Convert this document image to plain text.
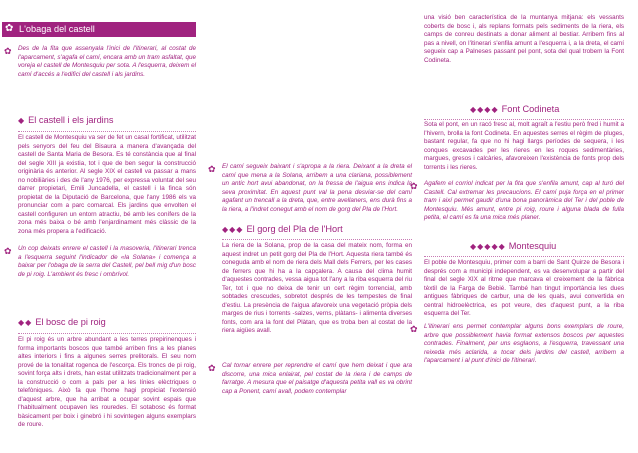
✿ L'obaga del castell
✿ Des de la fita que assenyala l'inici de l'itinerari, al costat de l'aparcament, s'agafa el camí, encara amb un tram asfaltat, que voreja el castell de Montesquiu per sota. A l'esquerra, deixem el camí d'accés a l'edifici del castell i als jardins.

◆ El castell i els jardins

El castell de Montesquiu va ser de fet un casal fortificat, utilitzat pels senyors del feu del Bisaura a manera d'avançada del castell de Santa Maria de Besora. Es té constància que al final del segle XIII ja existia, tot i que de ben segur la construcció originària és anterior. Al segle XIX el castell va passar a mans no nobiliàries i des de l'any 1976, per expressa voluntat del seu darrer propietari, Emili Juncadella, el castell i la finca són propietat de la Diputació de Barcelona, que l'any 1986 els va pronunciar com a parc comarcal. Els jardins que envolten el castell configuren un entorn atractiu, bé amb les conífers de la zona més baixa o bé amb l'enjardinament més clàssic de la zona més propera a l'edificació.

✿ Un cop deixats enrere el castell i la masoveria, l'itinerari trenca a l'esquerra seguint l'indicador de «la Solana» i comença a baixar per l'obaga de la serra del Castell, pel bell mig d'un bosc de pi roig. L'ambient és fresc i ombrívol.

◆◆ El bosc de pi roig

El pi roig és un arbre abundant a les terres prepirinenques i forma importants boscos que també arriben fins a les planes altes interiors i fins a algunes serres prelitorals. El seu nom prové de la tonalitat rogenca de l'escorça. Els troncs de pi roig, sovint força alts i drets, han estat utilitzats tradicionalment per a la construcció o com a pals per a les línies elèctriques o telefòniques. Això fa que l'home hagi propiciat l'extensió d'aquest arbre, que ha arribat a ocupar sovint espais que l'habitualment ocupaven les rouredes. El sotabosc és format bàsicament per boix i ginebró i hi sovintegen alguns exemplars de roure.

✿ El camí segueix baixant i s'apropa a la riera. Deixant a la dreta el camí que mena a la Solana, arribem a una clariana, possiblement un antic hort avui abandonat, on la fressa de l'aigua ens indica la seva proximitat. En aquest punt val la pena desviar-se del camí agafant un trencall a la dreta, que, entre avellaners, ens durà fins a la riera, a l'indret conegut amb el nom de gorg del Pla de l'Hort.

◆◆◆ El gorg del Pla de l'Hort

La riera de la Solana, prop de la casa del mateix nom, forma en aquest indret un petit gorg del Pla de l'Hort. Aquesta riera també és coneguda amb el nom de riera dels Mall dels Ferrers, per les cases de ferrers que hi ha a la capçalera. A causa del clima humit d'aquestes contrades, vessa aigua tot l'any a la riba esquerra del riu Ter, tot i que no deixa de tenir un cert règim torrencial, amb sobtades crescudes, sobretot després de les tempestes de final d'estiu. La presència de l'aigua afavoreix una vegetació pròpia dels marges de rius i torrents -salzes, verns, plàtans- i alimenta diverses fonts, com ara la font del Plàtan, que es troba ben al costat de la riera aigües avall.

✿ Cal tornar enrere per reprendre el camí que hem deixat i que ara discorre, una mica enlairat, pel costat de la riera i de camps de farratge. A mesura que el paisatge d'aquesta petita vall es va obrint cap a Ponent, camí avall, podem contemplar

una visió ben característica de la muntanya mitjana: els vessants coberts de bosc i, als replans formats pels sediments de la riera, els camps de conreu destinats a donar aliment al bestiar. Arribem fins al pas a nivell, on l'itinerari s'enfila amunt a l'esquerra i, a la dreta, el camí segueix cap a Palneses passant pel pont, sota del qual trobem la Font Codineta.

◆◆◆◆ Font Codineta

Sota el pont, en un racó fresc al, molt agraït a l'estiu però fred i humit a l'hivern, brolla la font Codineta. En aquestes serres el règim de pluges, bastant regular, fa que no hi hagi llargs períodes de sequera, i les conques excavades per les rieres en les roques sedimentàries, margues, gresos i calcàries, afavoreixen l'existència de fonts prop dels torrents i les rieres.

✿ Agafem el corriol indicat per la fita que s'enfila amunt, cap al turó del Castell. Cal extremar les precaucions. El camí puja força en el primer tram i així permet gaudir d'una bona panoràmica del Ter i del poble de Montesquiu. Més amunt, entre pi roig, roure i alguna blada de fulla petita, el camí es fa una mica més planer.

◆◆◆◆◆ Montesquiu

El poble de Montesquiu, primer com a barri de Sant Quirze de Besora i després com a municipi independent, es va desenvolupar a partir del final del segle XIX al ritme que marcava el creixement de la fàbrica tèxtil de la Farga de Bebié. També han tingut importància les dues antigues fàbriques de carbur, una de les quals, avui convertida en central hidroelèctrica, es pot veure, des d'aquest punt, a la riba esquerra del Ter.

✿ L'itinerari ens permet contemplar alguns bons exemplars de roure, arbre que possiblement havia format extensos boscos per aquestes contrades. Finalment, per uns esglaons, a l'esquerra, travessant una reixeda més aclarida, a tocar dels jardins del castell, arribem a l'aparcament i al punt d'inici de l'itinerari.
